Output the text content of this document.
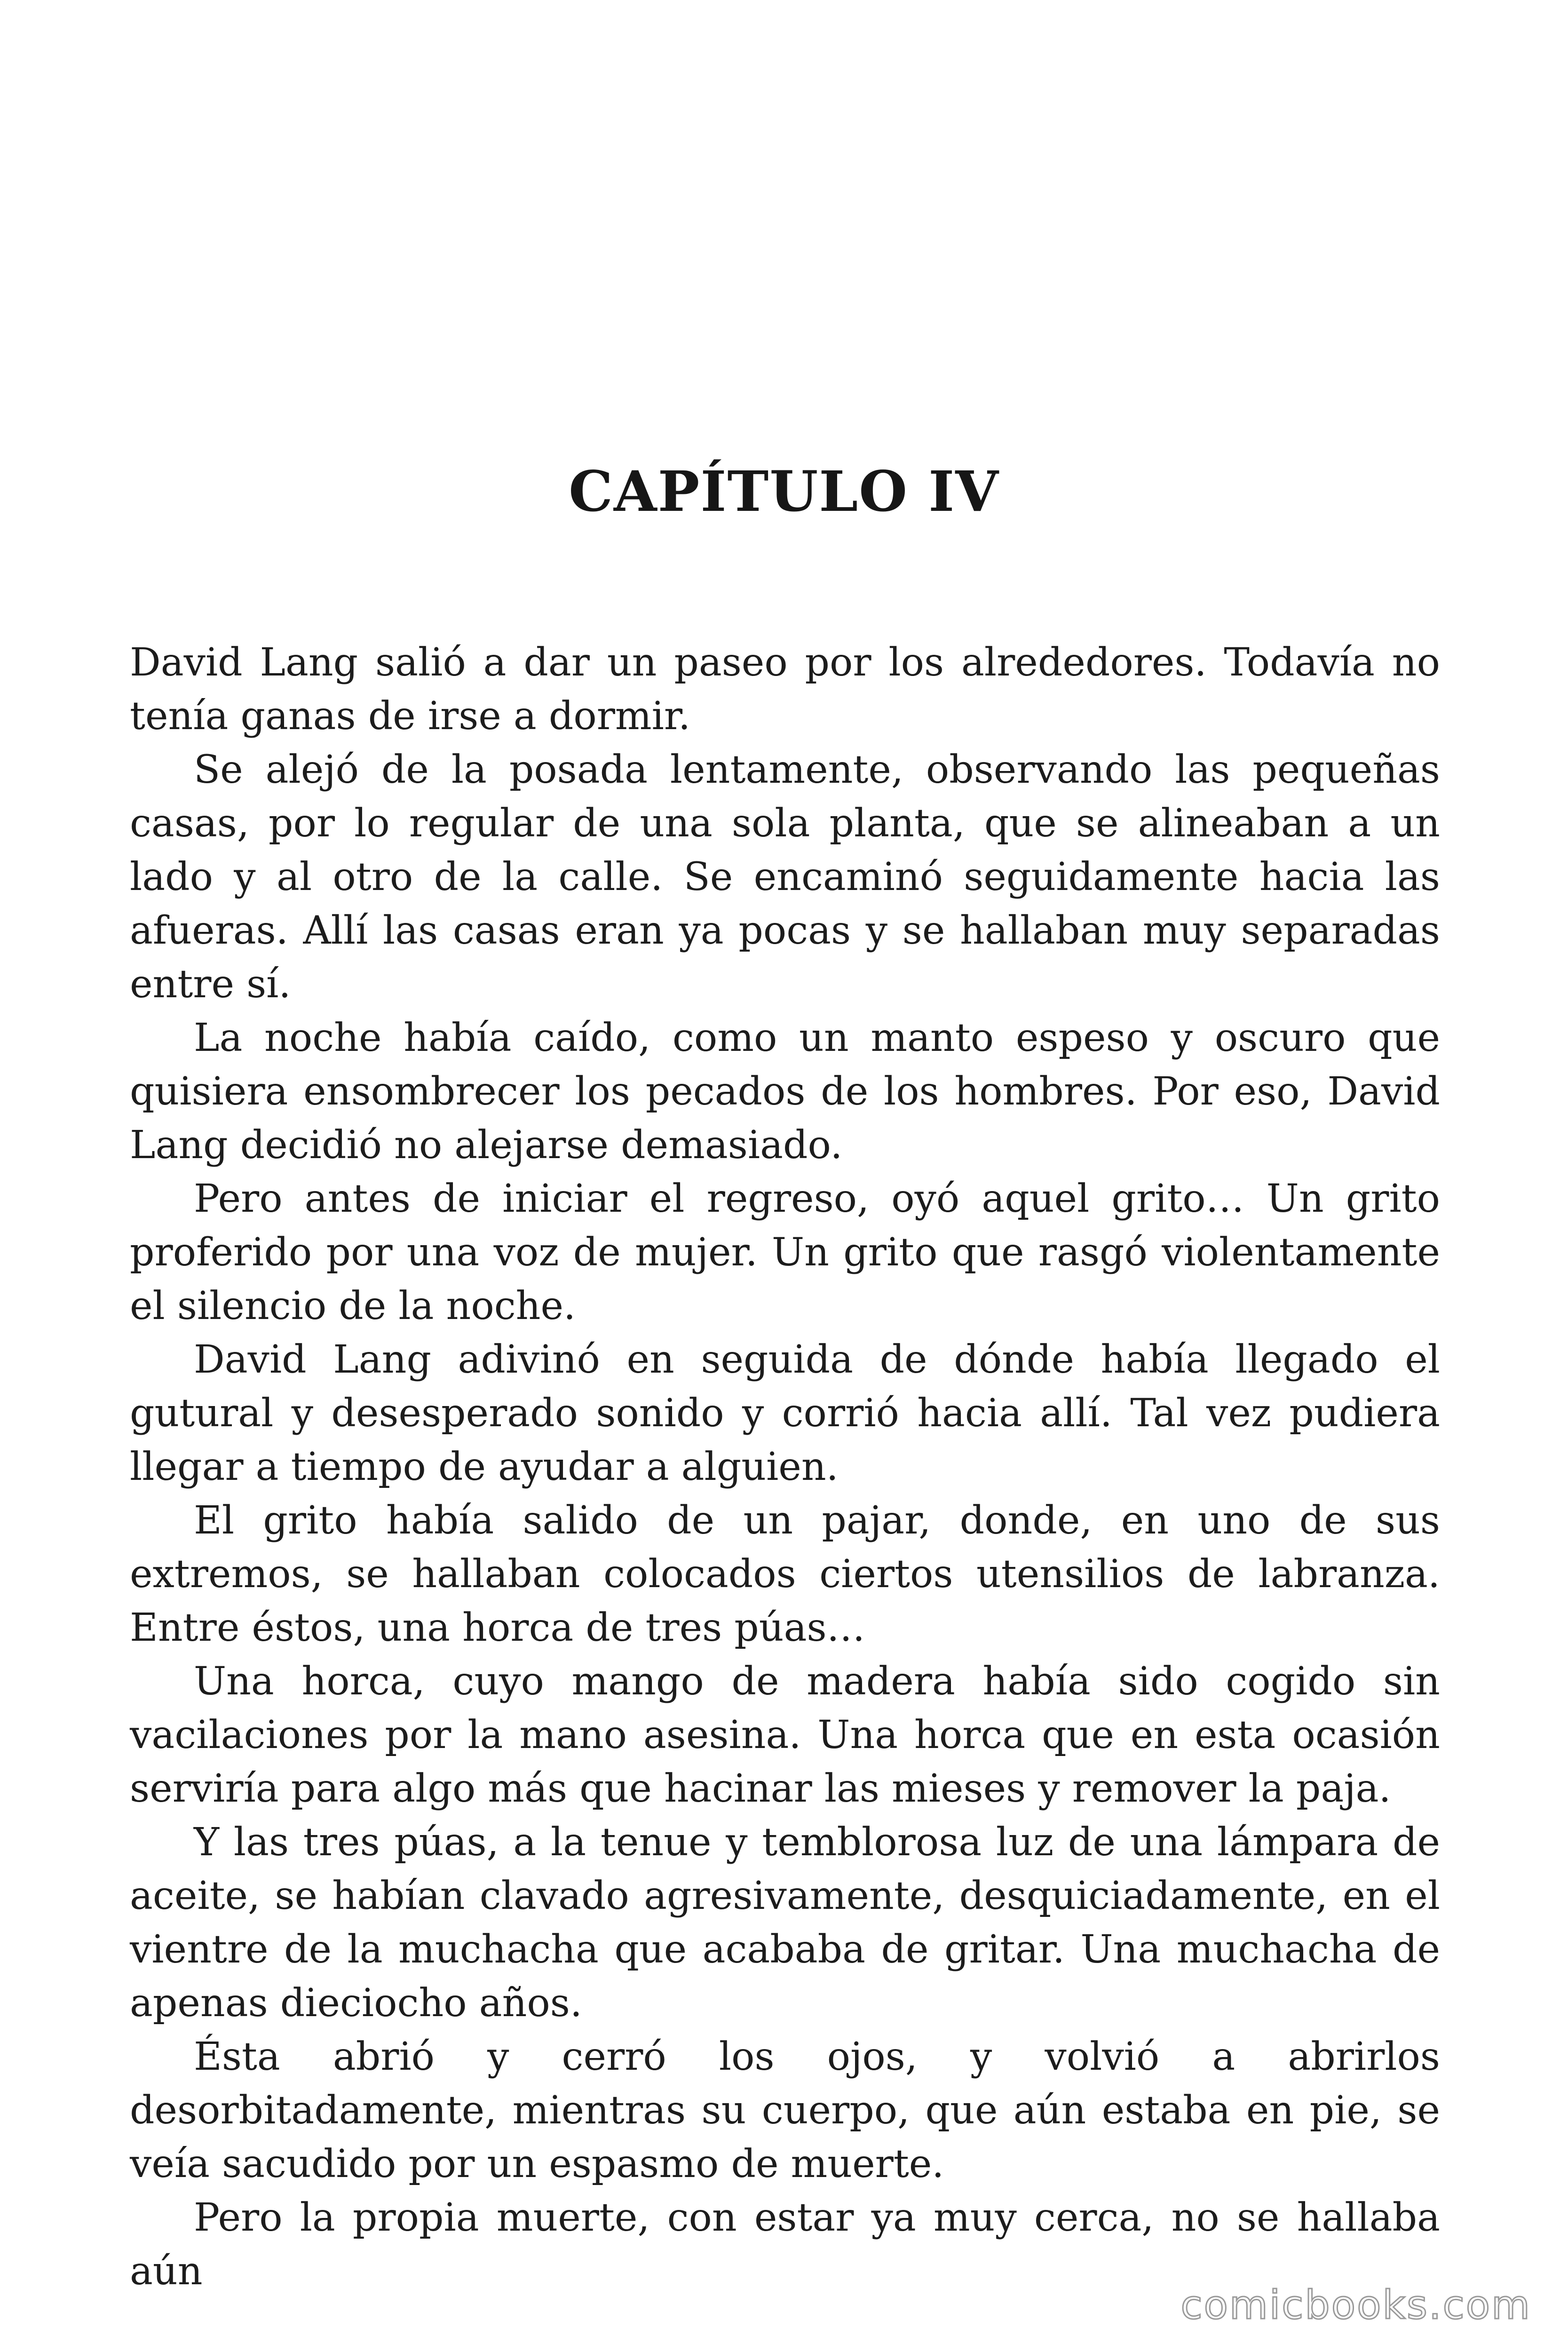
CAPÍTULO IV

David Lang salió a dar un paseo por los alrededores. Todavía no tenía ganas de irse a dormir.

Se alejó de la posada lentamente, observando las pequeñas casas, por lo regular de una sola planta, que se alineaban a un lado y al otro de la calle. Se encaminó seguidamente hacia las afueras. Allí las casas eran ya pocas y se hallaban muy separadas entre sí.

La noche había caído, como un manto espeso y oscuro que quisiera ensombrecer los pecados de los hombres. Por eso, David Lang decidió no alejarse demasiado.

Pero antes de iniciar el regreso, oyó aquel grito… Un grito proferido por una voz de mujer. Un grito que rasgó violentamente el silencio de la noche.

David Lang adivinó en seguida de dónde había llegado el gutural y desesperado sonido y corrió hacia allí. Tal vez pudiera llegar a tiempo de ayudar a alguien.

El grito había salido de un pajar, donde, en uno de sus extremos, se hallaban colocados ciertos utensilios de labranza. Entre éstos, una horca de tres púas…

Una horca, cuyo mango de madera había sido cogido sin vacilaciones por la mano asesina. Una horca que en esta ocasión serviría para algo más que hacinar las mieses y remover la paja.

Y las tres púas, a la tenue y temblorosa luz de una lámpara de aceite, se habían clavado agresivamente, desquiciadamente, en el vientre de la muchacha que acababa de gritar. Una muchacha de apenas dieciocho años.

Ésta abrió y cerró los ojos, y volvió a abrirlos desorbitadamente, mientras su cuerpo, que aún estaba en pie, se veía sacudido por un espasmo de muerte.

Pero la propia muerte, con estar ya muy cerca, no se hallaba aún

comicbooks.com
